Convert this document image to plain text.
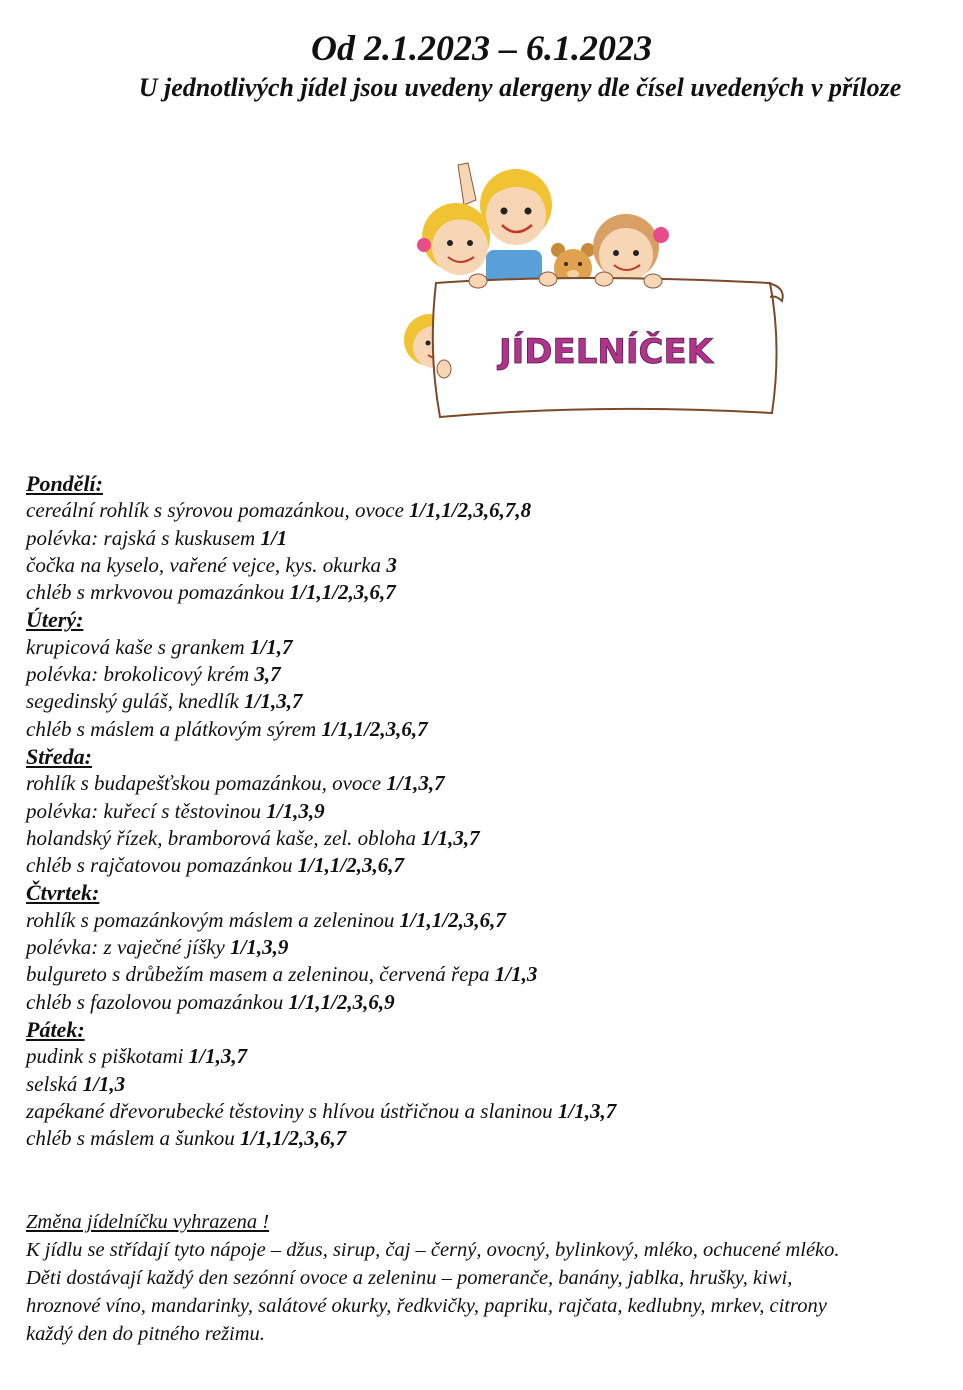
Od 2.1.2023 – 6.1.2023
U jednotlivých jídel jsou uvedeny alergeny dle čísel uvedených v příloze
JÍDELNÍČEK
Pondělí:
cereální rohlík s sýrovou pomazánkou, ovoce 1/1,1/2,3,6,7,8
polévka: rajská s kuskusem 1/1
čočka na kyselo, vařené vejce, kys. okurka 3
chléb s mrkvovou pomazánkou 1/1,1/2,3,6,7
Úterý:
krupicová kaše s grankem 1/1,7
polévka: brokolicový krém 3,7
segedinský guláš, knedlík 1/1,3,7
chléb s máslem a plátkovým sýrem 1/1,1/2,3,6,7
Středa:
rohlík s budapešťskou pomazánkou, ovoce 1/1,3,7
polévka: kuřecí s těstovinou 1/1,3,9
holandský řízek, bramborová kaše, zel. obloha 1/1,3,7
chléb s rajčatovou pomazánkou 1/1,1/2,3,6,7
Čtvrtek:
rohlík s pomazánkovým máslem a zeleninou 1/1,1/2,3,6,7
polévka: z vaječné jíšky 1/1,3,9
bulgureto s drůbežím masem a zeleninou, červená řepa 1/1,3
chléb s fazolovou pomazánkou 1/1,1/2,3,6,9
Pátek:
pudink s piškotami 1/1,3,7
selská 1/1,3
zapékané dřevorubecké těstoviny s hlívou ústřičnou a slaninou 1/1,3,7
chléb s máslem a šunkou 1/1,1/2,3,6,7
Změna jídelníčku vyhrazena !
K jídlu se střídají tyto nápoje – džus, sirup, čaj – černý, ovocný, bylinkový, mléko, ochucené mléko.
Děti dostávají každý den sezónní ovoce a zeleninu – pomeranče, banány, jablka, hrušky, kiwi,
hroznové víno, mandarinky, salátové okurky, ředkvičky, papriku, rajčata, kedlubny, mrkev, citrony
každý den do pitného režimu.
